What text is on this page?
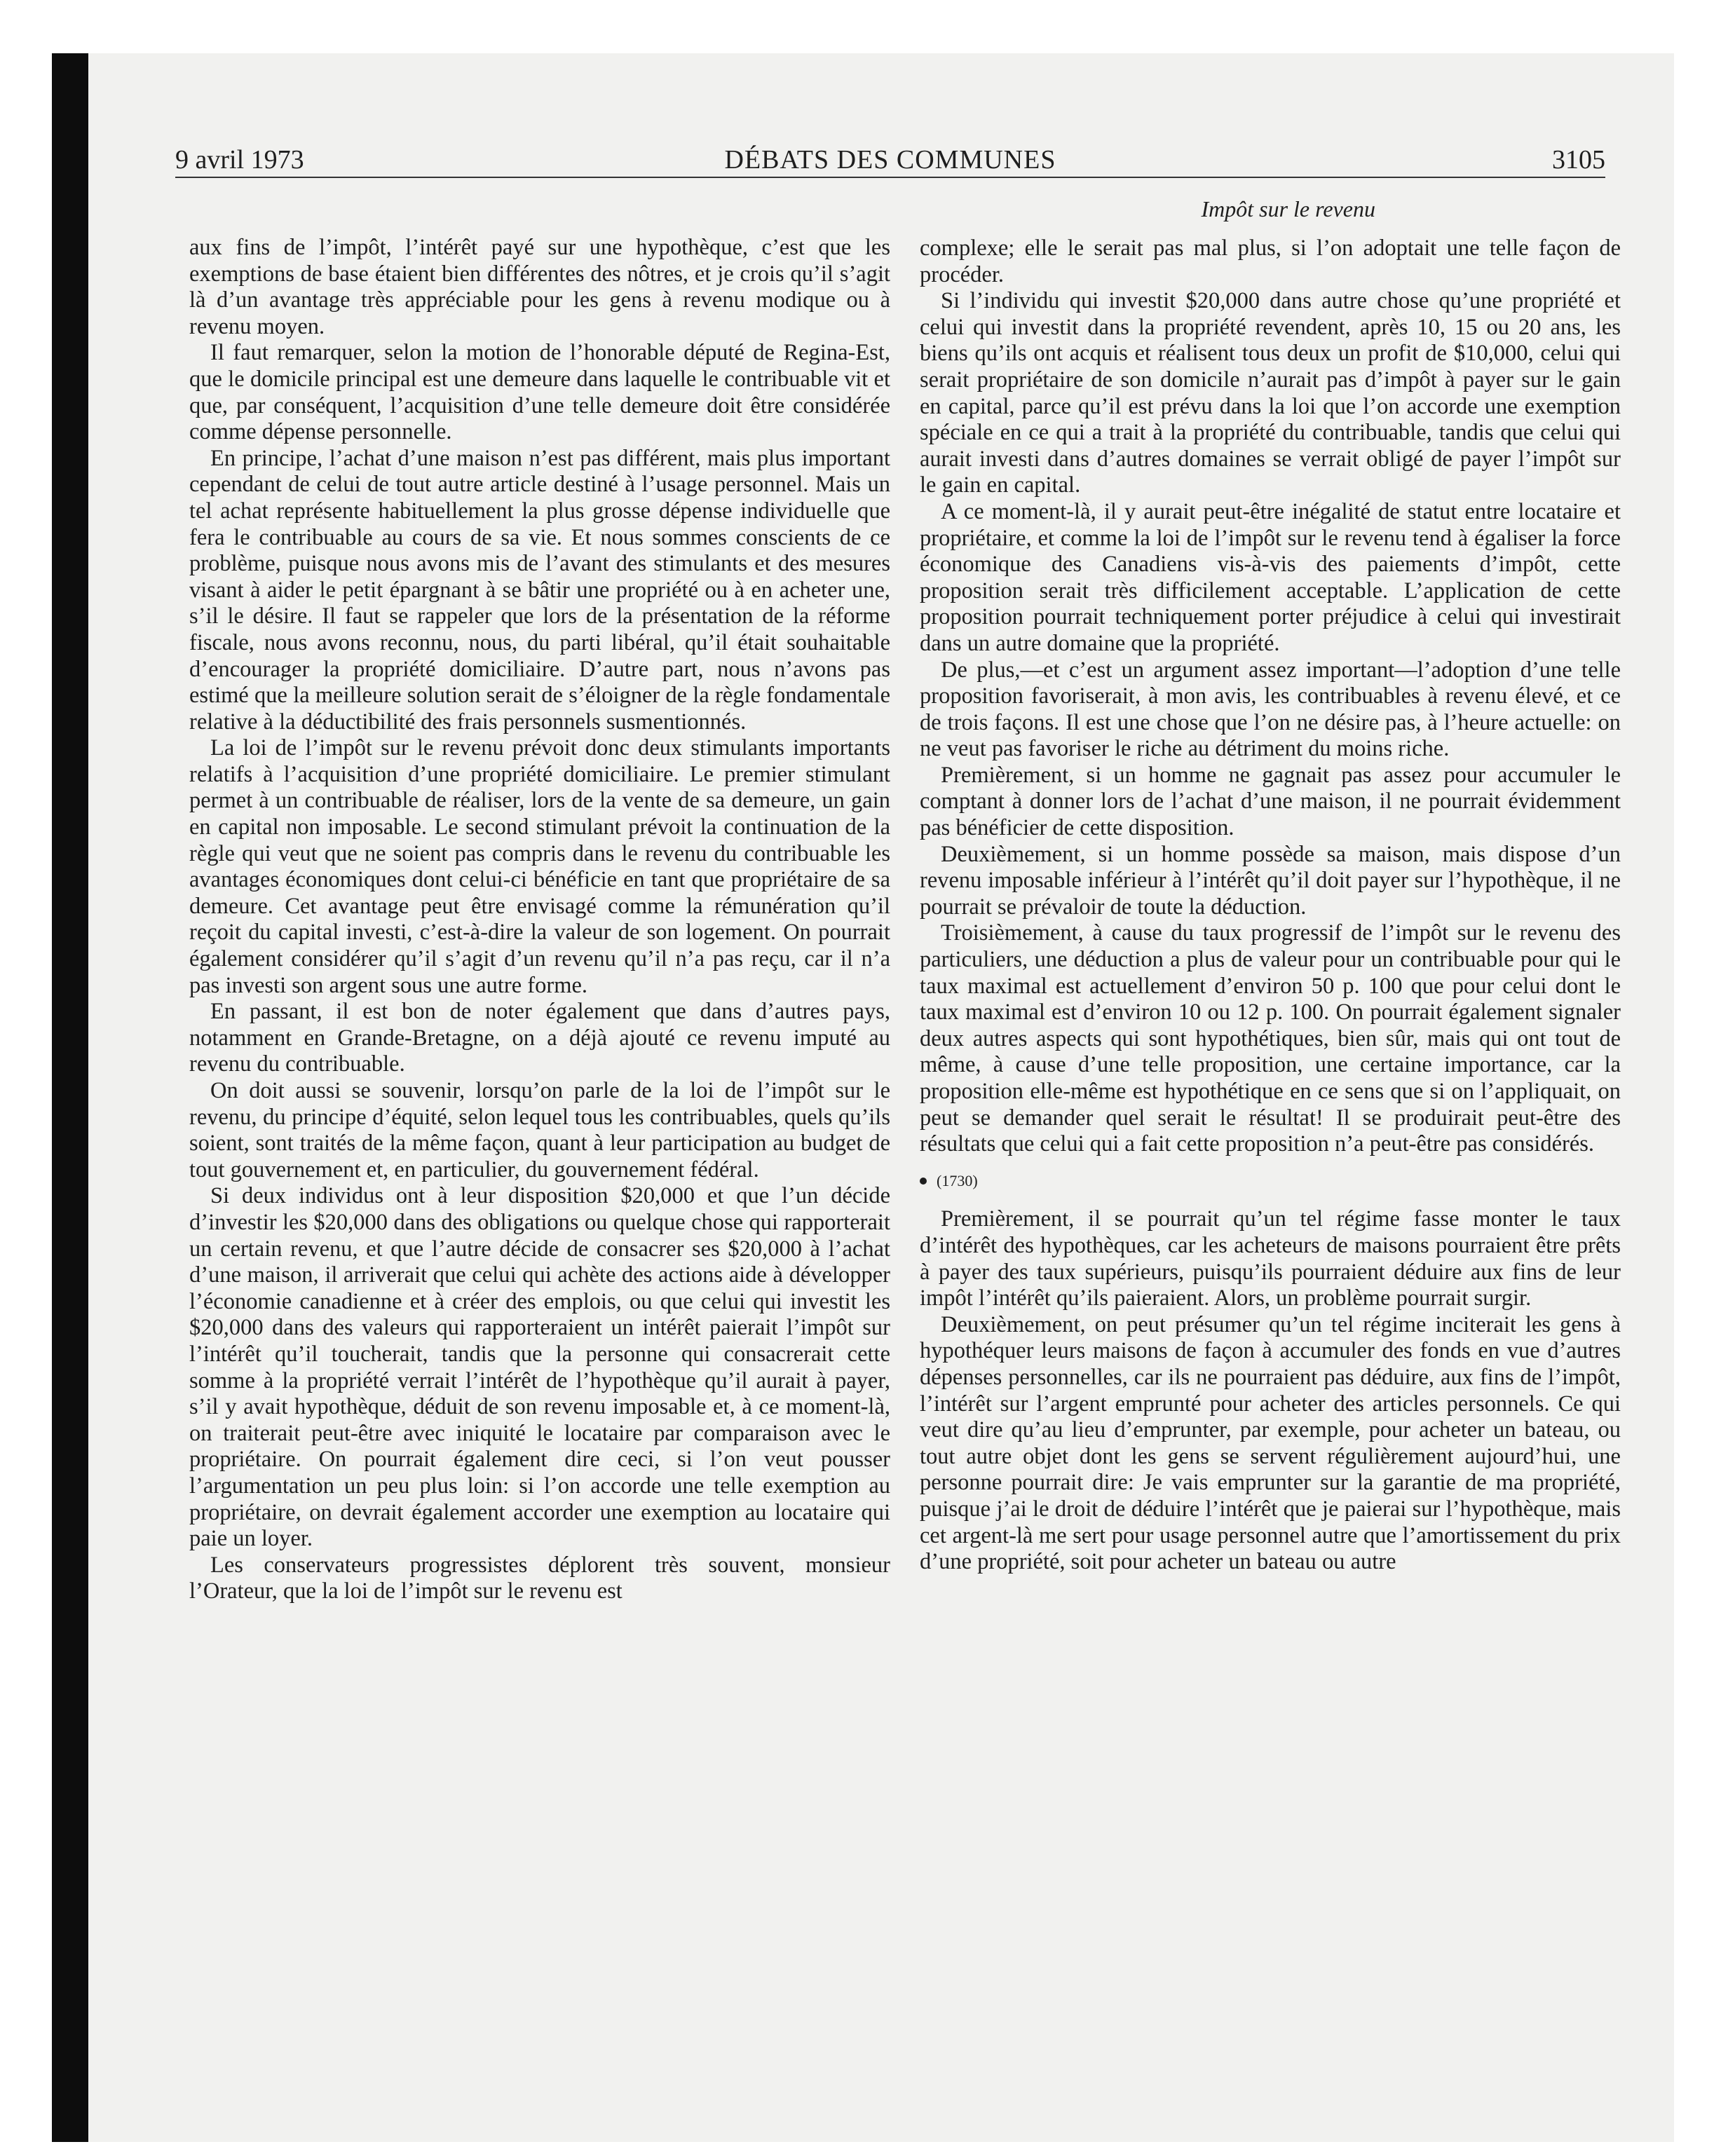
9 avril 1973	DÉBATS DES COMMUNES	3105

aux fins de l’impôt, l’intérêt payé sur une hypothèque, c’est que les exemptions de base étaient bien différentes des nôtres, et je crois qu’il s’agit là d’un avantage très appréciable pour les gens à revenu modique ou à revenu moyen.

Il faut remarquer, selon la motion de l’honorable député de Regina-Est, que le domicile principal est une demeure dans laquelle le contribuable vit et que, par conséquent, l’acquisition d’une telle demeure doit être considérée comme dépense personnelle.

En principe, l’achat d’une maison n’est pas différent, mais plus important cependant de celui de tout autre article destiné à l’usage personnel. Mais un tel achat représente habituellement la plus grosse dépense individuelle que fera le contribuable au cours de sa vie. Et nous sommes conscients de ce problème, puisque nous avons mis de l’avant des stimulants et des mesures visant à aider le petit épargnant à se bâtir une propriété ou à en acheter une, s’il le désire. Il faut se rappeler que lors de la présentation de la réforme fiscale, nous avons reconnu, nous, du parti libéral, qu’il était souhaitable d’encourager la propriété domiciliaire. D’autre part, nous n’avons pas estimé que la meilleure solution serait de s’éloigner de la règle fondamentale relative à la déductibilité des frais personnels susmentionnés.

La loi de l’impôt sur le revenu prévoit donc deux stimulants importants relatifs à l’acquisition d’une propriété domiciliaire. Le premier stimulant permet à un contribuable de réaliser, lors de la vente de sa demeure, un gain en capital non imposable. Le second stimulant prévoit la continuation de la règle qui veut que ne soient pas compris dans le revenu du contribuable les avantages économiques dont celui-ci bénéficie en tant que propriétaire de sa demeure. Cet avantage peut être envisagé comme la rémunération qu’il reçoit du capital investi, c’est-à-dire la valeur de son logement. On pourrait également considérer qu’il s’agit d’un revenu qu’il n’a pas reçu, car il n’a pas investi son argent sous une autre forme.

En passant, il est bon de noter également que dans d’autres pays, notamment en Grande-Bretagne, on a déjà ajouté ce revenu imputé au revenu du contribuable.

On doit aussi se souvenir, lorsqu’on parle de la loi de l’impôt sur le revenu, du principe d’équité, selon lequel tous les contribuables, quels qu’ils soient, sont traités de la même façon, quant à leur participation au budget de tout gouvernement et, en particulier, du gouvernement fédéral.

Si deux individus ont à leur disposition $20,000 et que l’un décide d’investir les $20,000 dans des obligations ou quelque chose qui rapporterait un certain revenu, et que l’autre décide de consacrer ses $20,000 à l’achat d’une maison, il arriverait que celui qui achète des actions aide à développer l’économie canadienne et à créer des emplois, ou que celui qui investit les $20,000 dans des valeurs qui rapporteraient un intérêt paierait l’impôt sur l’intérêt qu’il toucherait, tandis que la personne qui consacrerait cette somme à la propriété verrait l’intérêt de l’hypothèque qu’il aurait à payer, s’il y avait hypothèque, déduit de son revenu imposable et, à ce moment-là, on traiterait peut-être avec iniquité le locataire par comparaison avec le propriétaire. On pourrait également dire ceci, si l’on veut pousser l’argumentation un peu plus loin: si l’on accorde une telle exemption au propriétaire, on devrait également accorder une exemption au locataire qui paie un loyer.

Les conservateurs progressistes déplorent très souvent, monsieur l’Orateur, que la loi de l’impôt sur le revenu est

Impôt sur le revenu

complexe; elle le serait pas mal plus, si l’on adoptait une telle façon de procéder.

Si l’individu qui investit $20,000 dans autre chose qu’une propriété et celui qui investit dans la propriété revendent, après 10, 15 ou 20 ans, les biens qu’ils ont acquis et réalisent tous deux un profit de $10,000, celui qui serait propriétaire de son domicile n’aurait pas d’impôt à payer sur le gain en capital, parce qu’il est prévu dans la loi que l’on accorde une exemption spéciale en ce qui a trait à la propriété du contribuable, tandis que celui qui aurait investi dans d’autres domaines se verrait obligé de payer l’impôt sur le gain en capital.

A ce moment-là, il y aurait peut-être inégalité de statut entre locataire et propriétaire, et comme la loi de l’impôt sur le revenu tend à égaliser la force économique des Canadiens vis-à-vis des paiements d’impôt, cette proposition serait très difficilement acceptable. L’application de cette proposition pourrait techniquement porter préjudice à celui qui investirait dans un autre domaine que la propriété.

De plus,—et c’est un argument assez important—l’adoption d’une telle proposition favoriserait, à mon avis, les contribuables à revenu élevé, et ce de trois façons. Il est une chose que l’on ne désire pas, à l’heure actuelle: on ne veut pas favoriser le riche au détriment du moins riche.

Premièrement, si un homme ne gagnait pas assez pour accumuler le comptant à donner lors de l’achat d’une maison, il ne pourrait évidemment pas bénéficier de cette disposition.

Deuxièmement, si un homme possède sa maison, mais dispose d’un revenu imposable inférieur à l’intérêt qu’il doit payer sur l’hypothèque, il ne pourrait se prévaloir de toute la déduction.

Troisièmement, à cause du taux progressif de l’impôt sur le revenu des particuliers, une déduction a plus de valeur pour un contribuable pour qui le taux maximal est actuellement d’environ 50 p. 100 que pour celui dont le taux maximal est d’environ 10 ou 12 p. 100. On pourrait également signaler deux autres aspects qui sont hypothétiques, bien sûr, mais qui ont tout de même, à cause d’une telle proposition, une certaine importance, car la proposition elle-même est hypothétique en ce sens que si on l’appliquait, on peut se demander quel serait le résultat! Il se produirait peut-être des résultats que celui qui a fait cette proposition n’a peut-être pas considérés.

(1730)

Premièrement, il se pourrait qu’un tel régime fasse monter le taux d’intérêt des hypothèques, car les acheteurs de maisons pourraient être prêts à payer des taux supérieurs, puisqu’ils pourraient déduire aux fins de leur impôt l’intérêt qu’ils paieraient. Alors, un problème pourrait surgir.

Deuxièmement, on peut présumer qu’un tel régime inciterait les gens à hypothéquer leurs maisons de façon à accumuler des fonds en vue d’autres dépenses personnelles, car ils ne pourraient pas déduire, aux fins de l’impôt, l’intérêt sur l’argent emprunté pour acheter des articles personnels. Ce qui veut dire qu’au lieu d’emprunter, par exemple, pour acheter un bateau, ou tout autre objet dont les gens se servent régulièrement aujourd’hui, une personne pourrait dire: Je vais emprunter sur la garantie de ma propriété, puisque j’ai le droit de déduire l’intérêt que je paierai sur l’hypothèque, mais cet argent-là me sert pour usage personnel autre que l’amortissement du prix d’une propriété, soit pour acheter un bateau ou autre
